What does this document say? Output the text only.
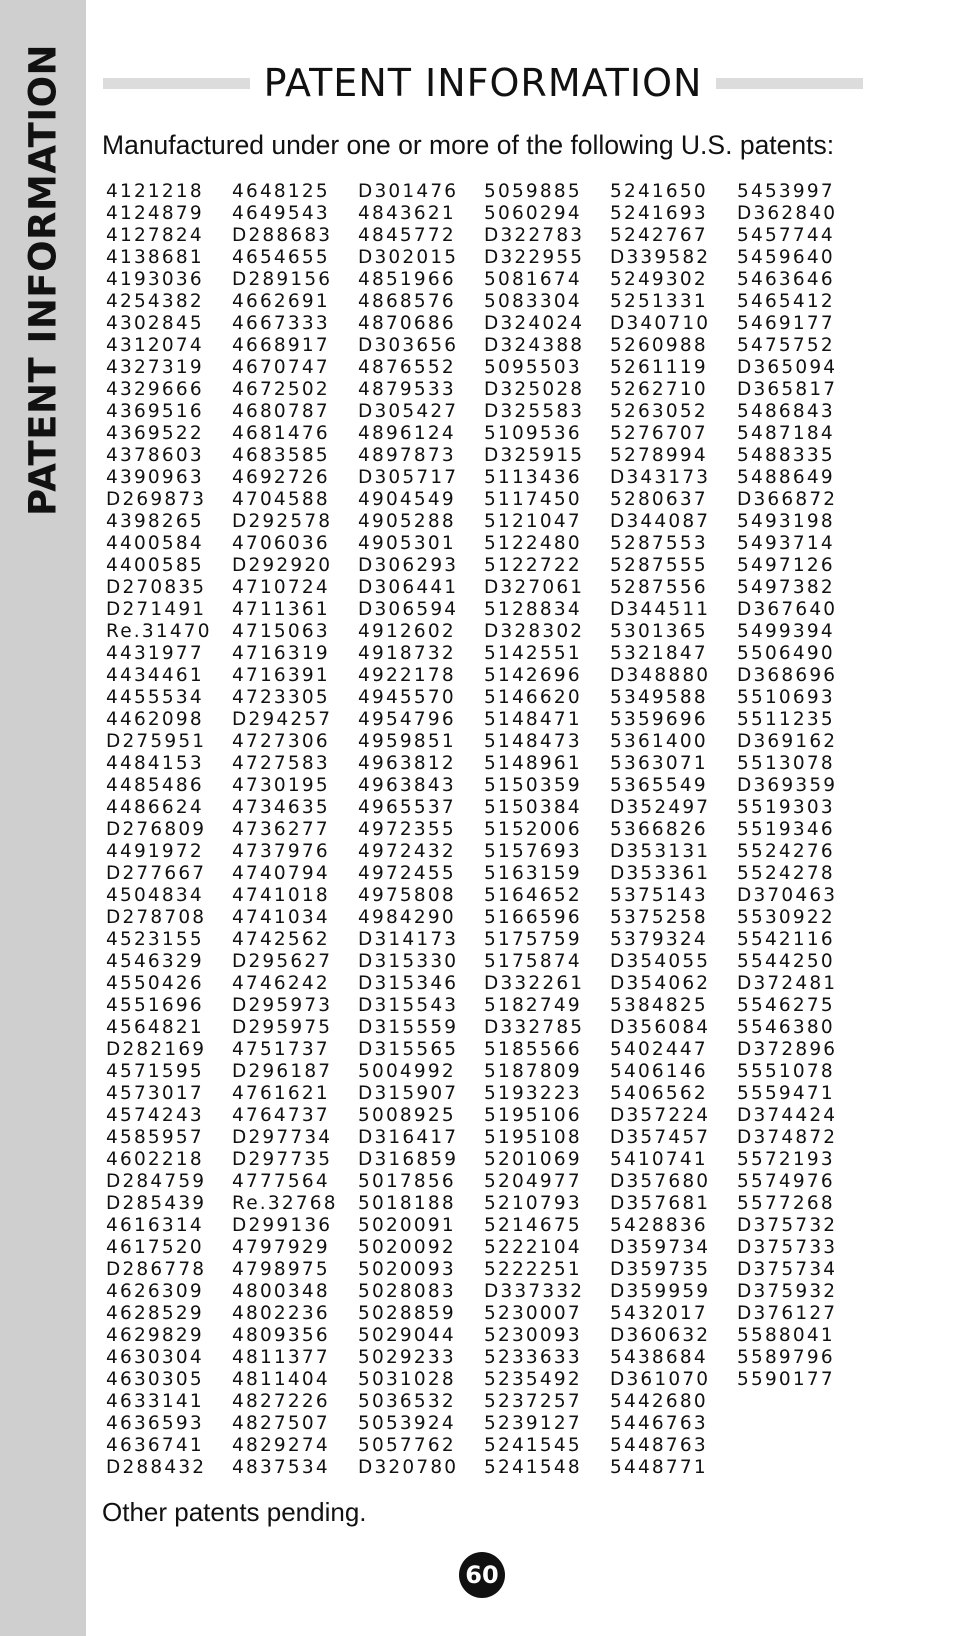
PATENT INFORMATION	PATENT INFORMATION
Manufactured under one or more of the following U.S. patents:
4121218
4124879
4127824
4138681
4193036
4254382
4302845
4312074
4327319
4329666
4369516
4369522
4378603
4390963
D269873
4398265
4400584
4400585
D270835
D271491
Re.31470
4431977
4434461
4455534
4462098
D275951
4484153
4485486
4486624
D276809
4491972
D277667
4504834
D278708
4523155
4546329
4550426
4551696
4564821
D282169
4571595
4573017
4574243
4585957
4602218
D284759
D285439
4616314
4617520
D286778
4626309
4628529
4629829
4630304
4630305
4633141
4636593
4636741
D288432
4648125
4649543
D288683
4654655
D289156
4662691
4667333
4668917
4670747
4672502
4680787
4681476
4683585
4692726
4704588
D292578
4706036
D292920
4710724
4711361
4715063
4716319
4716391
4723305
D294257
4727306
4727583
4730195
4734635
4736277
4737976
4740794
4741018
4741034
4742562
D295627
4746242
D295973
D295975
4751737
D296187
4761621
4764737
D297734
D297735
4777564
Re.32768
D299136
4797929
4798975
4800348
4802236
4809356
4811377
4811404
4827226
4827507
4829274
4837534
D301476
4843621
4845772
D302015
4851966
4868576
4870686
D303656
4876552
4879533
D305427
4896124
4897873
D305717
4904549
4905288
4905301
D306293
D306441
D306594
4912602
4918732
4922178
4945570
4954796
4959851
4963812
4963843
4965537
4972355
4972432
4972455
4975808
4984290
D314173
D315330
D315346
D315543
D315559
D315565
5004992
D315907
5008925
D316417
D316859
5017856
5018188
5020091
5020092
5020093
5028083
5028859
5029044
5029233
5031028
5036532
5053924
5057762
D320780
5059885
5060294
D322783
D322955
5081674
5083304
D324024
D324388
5095503
D325028
D325583
5109536
D325915
5113436
5117450
5121047
5122480
5122722
D327061
5128834
D328302
5142551
5142696
5146620
5148471
5148473
5148961
5150359
5150384
5152006
5157693
5163159
5164652
5166596
5175759
5175874
D332261
5182749
D332785
5185566
5187809
5193223
5195106
5195108
5201069
5204977
5210793
5214675
5222104
5222251
D337332
5230007
5230093
5233633
5235492
5237257
5239127
5241545
5241548
5241650
5241693
5242767
D339582
5249302
5251331
D340710
5260988
5261119
5262710
5263052
5276707
5278994
D343173
5280637
D344087
5287553
5287555
5287556
D344511
5301365
5321847
D348880
5349588
5359696
5361400
5363071
5365549
D352497
5366826
D353131
D353361
5375143
5375258
5379324
D354055
D354062
5384825
D356084
5402447
5406146
5406562
D357224
D357457
5410741
D357680
D357681
5428836
D359734
D359735
D359959
5432017
D360632
5438684
D361070
5442680
5446763
5448763
5448771
5453997
D362840
5457744
5459640
5463646
5465412
5469177
5475752
D365094
D365817
5486843
5487184
5488335
5488649
D366872
5493198
5493714
5497126
5497382
D367640
5499394
5506490
D368696
5510693
5511235
D369162
5513078
D369359
5519303
5519346
5524276
5524278
D370463
5530922
5542116
5544250
D372481
5546275
5546380
D372896
5551078
5559471
D374424
D374872
5572193
5574976
5577268
D375732
D375733
D375734
D375932
D376127
5588041
5589796
5590177
Other patents pending.
60
